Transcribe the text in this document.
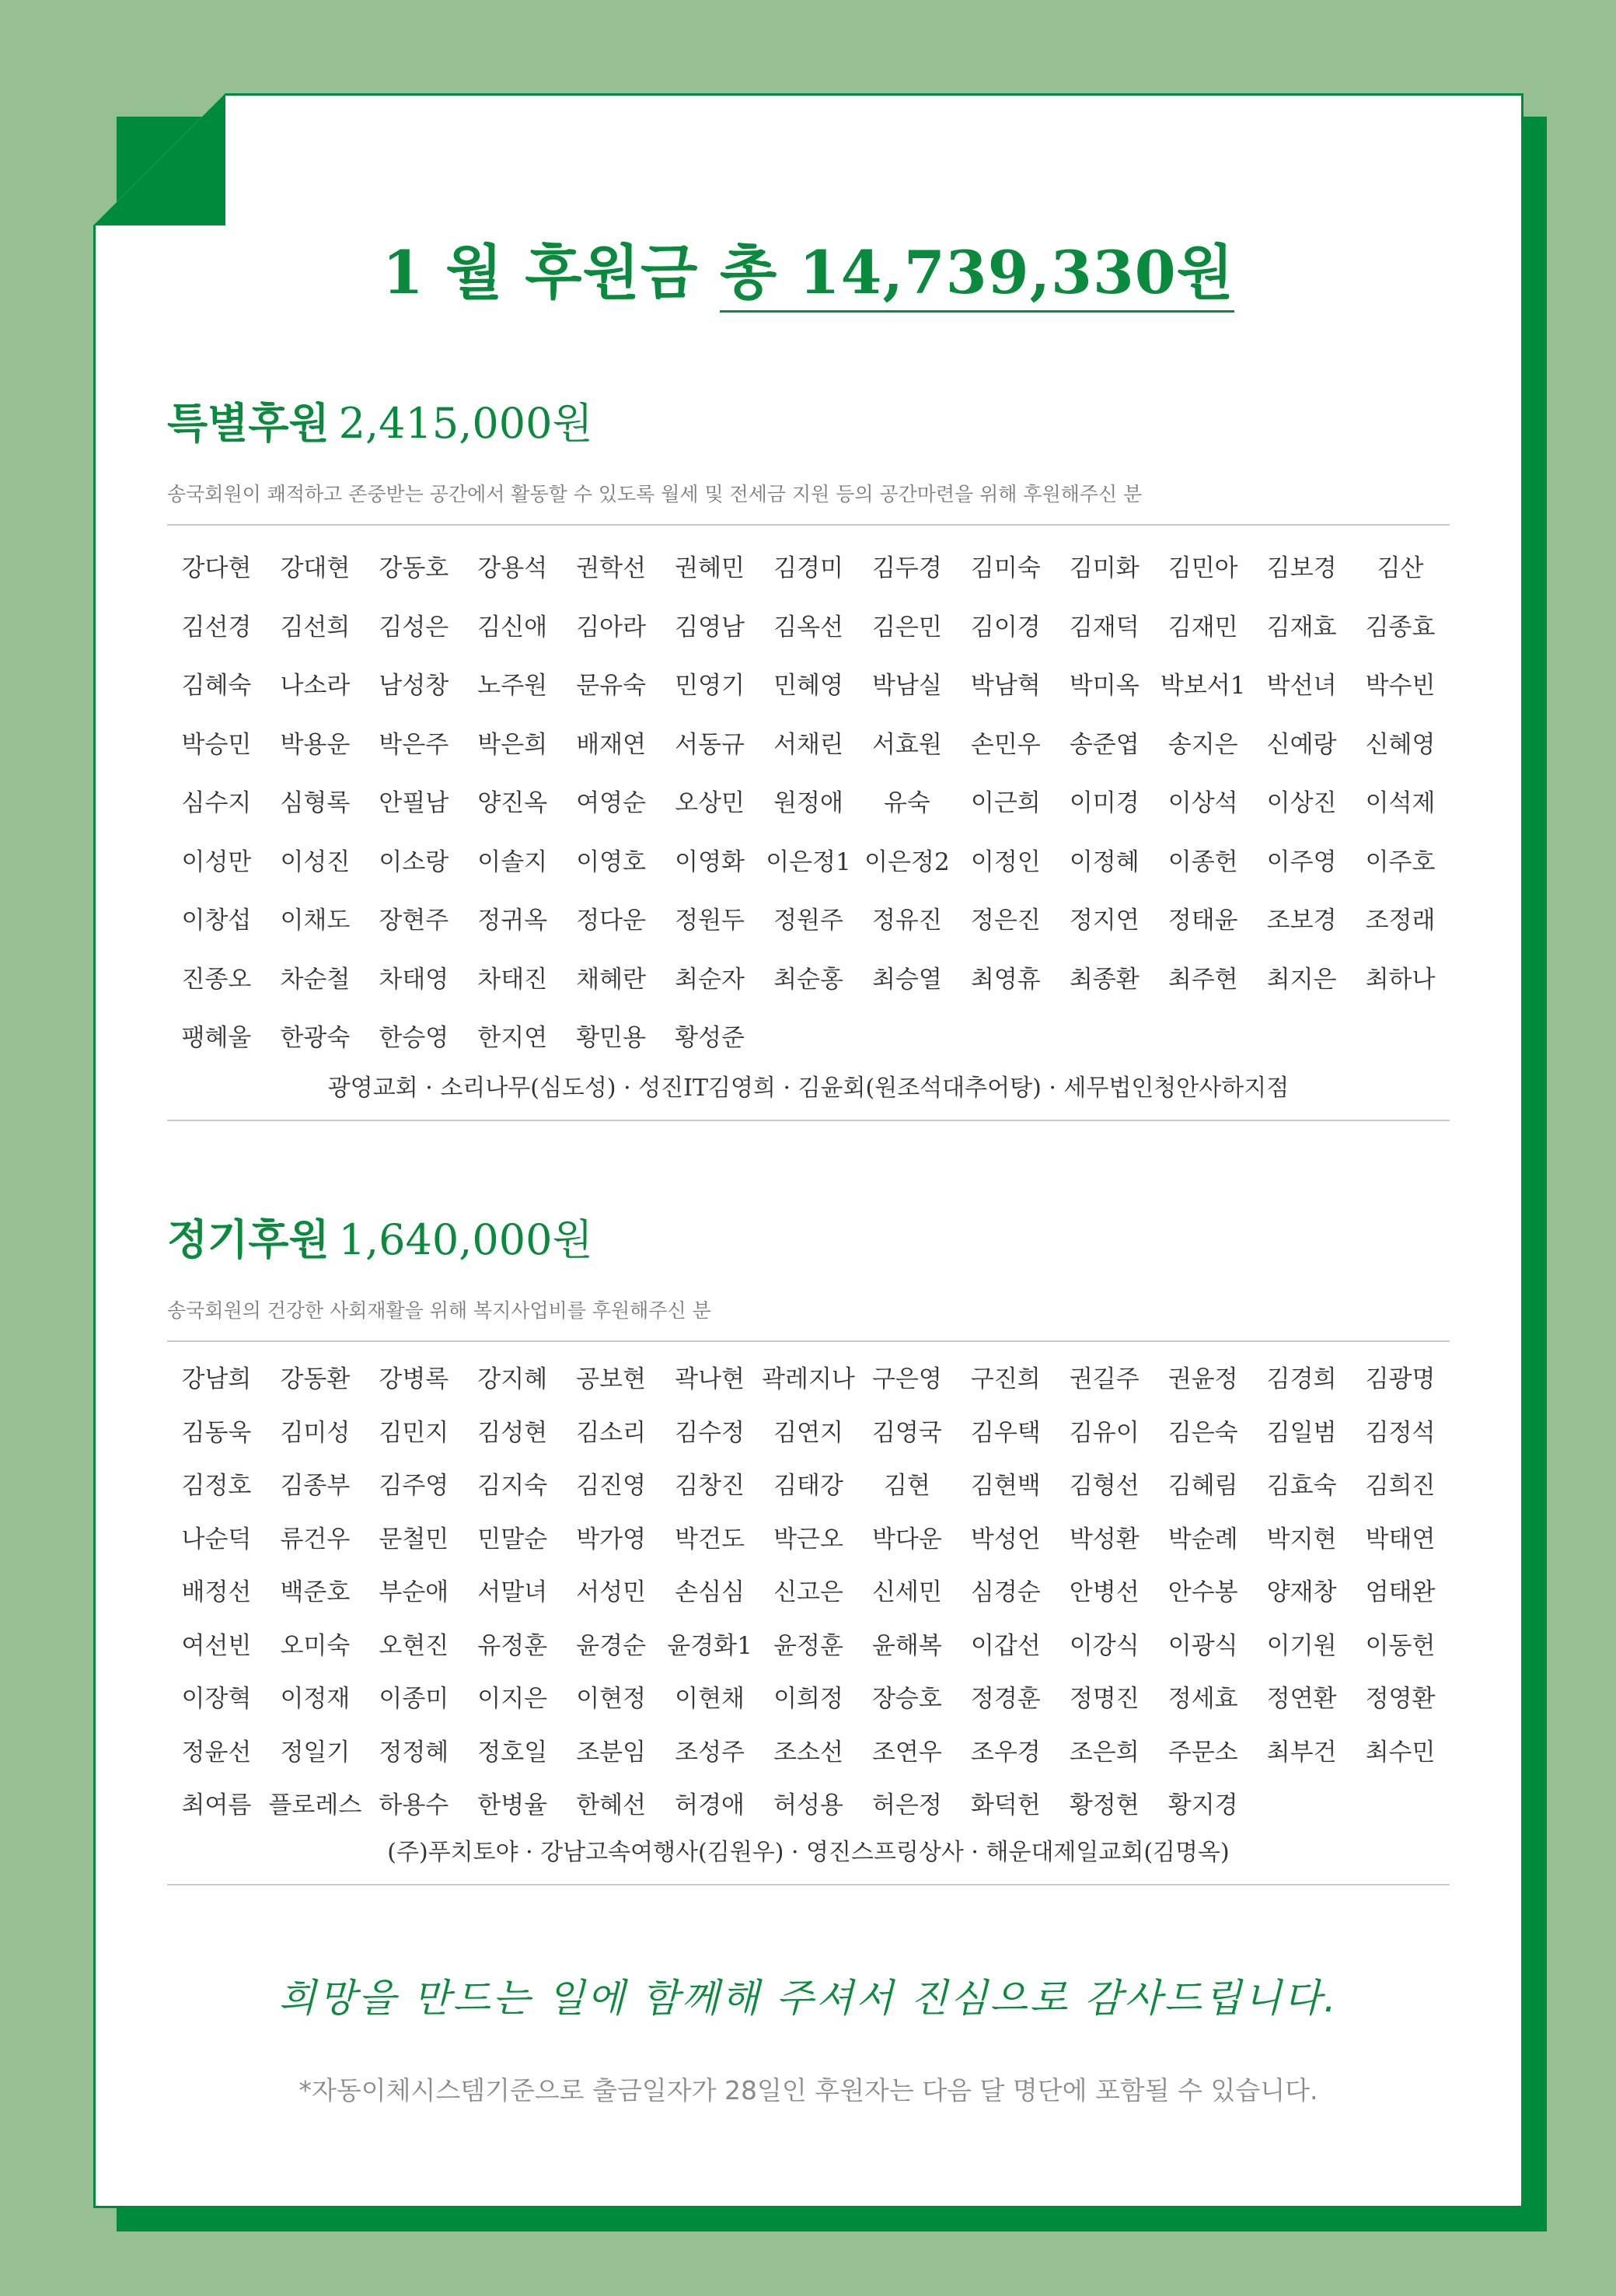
1 월 후원금 총 14,739,330원
특별후원 2,415,000원
송국회원이 쾌적하고 존중받는 공간에서 활동할 수 있도록 월세 및 전세금 지원 등의 공간마련을 위해 후원해주신 분
강다현	강대현	강동호	강용석	권학선	권혜민	김경미	김두경	김미숙	김미화	김민아	김보경	김산
김선경	김선희	김성은	김신애	김아라	김영남	김옥선	김은민	김이경	김재덕	김재민	김재효	김종효
김혜숙	나소라	남성창	노주원	문유숙	민영기	민혜영	박남실	박남혁	박미옥 박보서1 박선녀	박수빈
박승민	박용운	박은주	박은희	배재연	서동규	서채린	서효원	손민우	송준엽	송지은	신예랑	신혜영
심수지	심형록	안필남	양진옥	여영순	오상민	원정애	유숙	이근희	이미경	이상석	이상진	이석제
이성만	이성진	이소랑	이솔지	이영호	이영화 이은정1 이은정2 이정인	이정혜	이종헌	이주영	이주호
이창섭	이채도	장현주	정귀옥	정다운	정원두	정원주	정유진	정은진	정지연	정태윤	조보경	조정래
진종오	차순철	차태영	차태진	채혜란	최순자	최순홍	최승열	최영휴	최종환	최주현	최지은	최하나
팽혜울	한광숙	한승영	한지연	황민용	황성준
광영교회 · 소리나무(심도성) · 성진IT김영희 · 김윤회(원조석대추어탕) · 세무법인청안사하지점
정기후원 1,640,000원
송국회원의 건강한 사회재활을 위해 복지사업비를 후원해주신 분
강남희	강동환	강병록	강지혜	공보현	곽나현 곽레지나 구은영	구진희	권길주	권윤정	김경희	김광명
김동욱	김미성	김민지	김성현	김소리	김수정	김연지	김영국	김우택	김유이	김은숙	김일범	김정석
김정호	김종부	김주영	김지숙	김진영	김창진	김태강	김현	김현백	김형선	김혜림	김효숙	김희진
나순덕	류건우	문철민	민말순	박가영	박건도	박근오	박다운	박성언	박성환	박순례	박지현	박태연
배정선	백준호	부순애	서말녀	서성민	손심심	신고은	신세민	심경순	안병선	안수봉	양재창	엄태완
여선빈	오미숙	오현진	유정훈	윤경순 윤경화1 윤정훈	윤해복	이갑선	이강식	이광식	이기원	이동헌
이장혁	이정재	이종미	이지은	이현정	이현채	이희정	장승호	정경훈	정명진	정세효	정연환	정영환
정윤선	정일기	정정혜	정호일	조분임	조성주	조소선	조연우	조우경	조은희	주문소	최부건	최수민
최여름 플로레스 하용수	한병율	한혜선	허경애	허성용	허은정	화덕헌	황정현	황지경
(주)푸치토야 · 강남고속여행사(김원우) · 영진스프링상사 · 해운대제일교회(김명옥)
희망을 만드는 일에 함께해 주셔서 진심으로 감사드립니다.
*자동이체시스템기준으로 출금일자가 28일인 후원자는 다음 달 명단에 포함될 수 있습니다.
